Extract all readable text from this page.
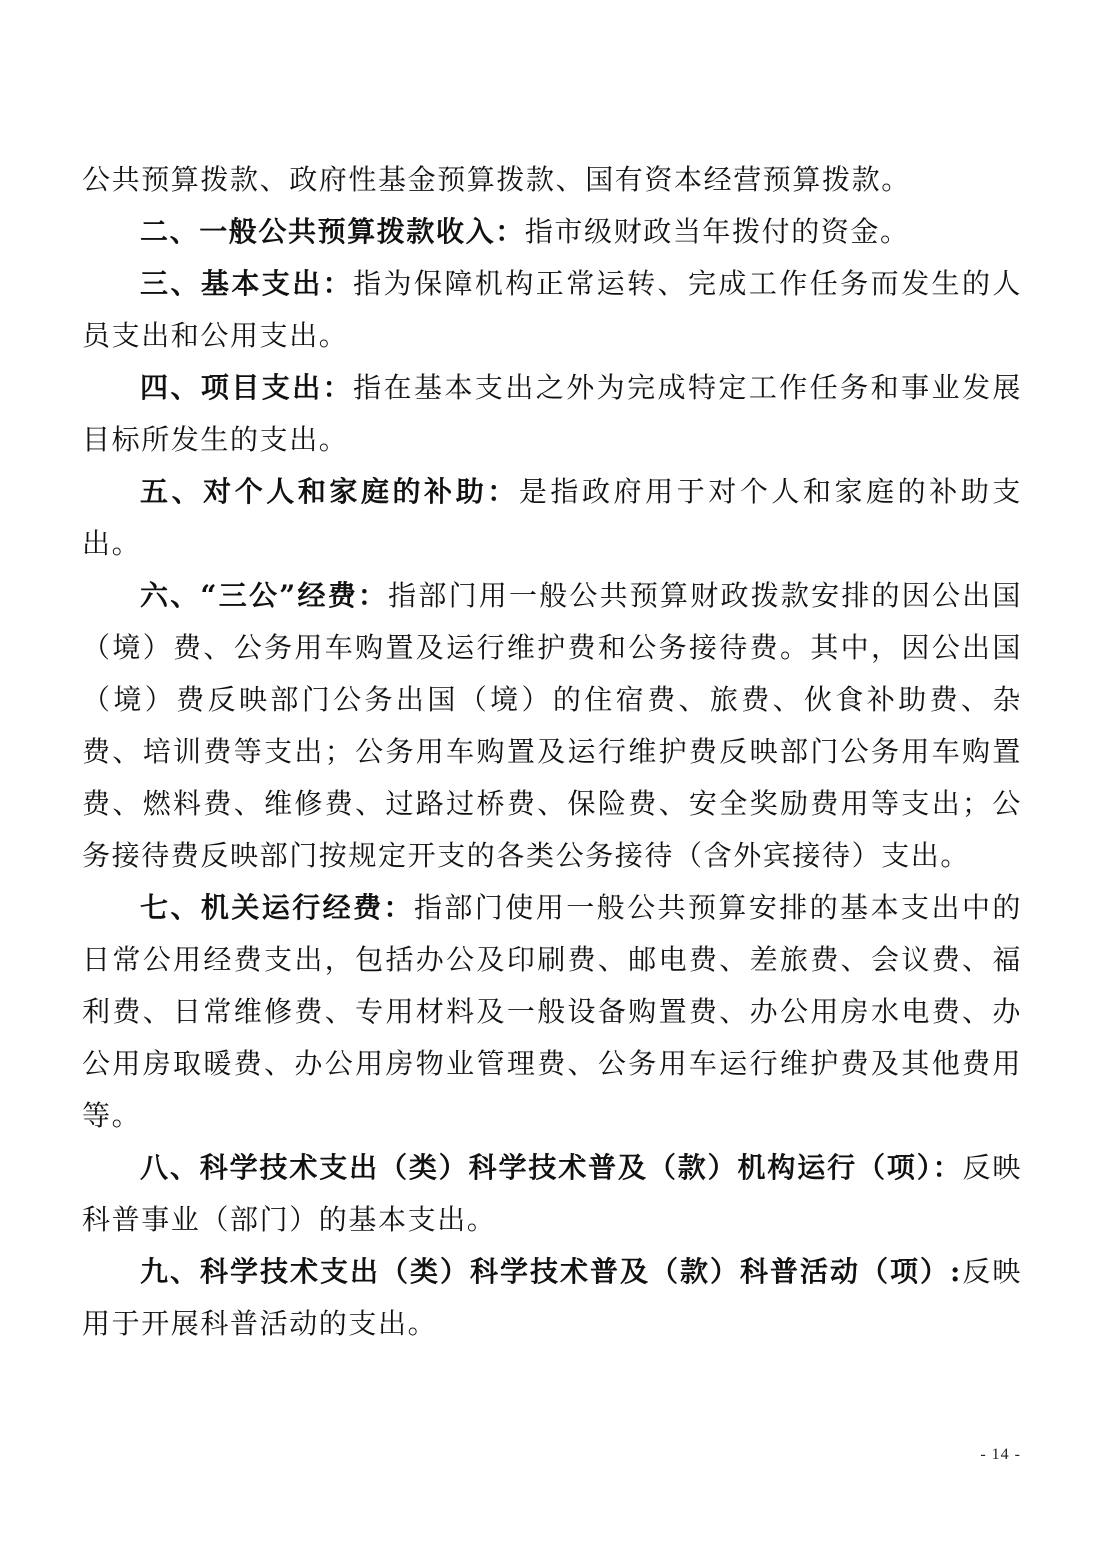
公共预算拨款、政府性基金预算拨款、国有资本经营预算拨款。

二、一般公共预算拨款收入：指市级财政当年拨付的资金。

三、基本支出：指为保障机构正常运转、完成工作任务而发生的人员支出和公用支出。

四、项目支出：指在基本支出之外为完成特定工作任务和事业发展目标所发生的支出。

五、对个人和家庭的补助：是指政府用于对个人和家庭的补助支出。

六、“三公”经费：指部门用一般公共预算财政拨款安排的因公出国（境）费、公务用车购置及运行维护费和公务接待费。其中，因公出国（境）费反映部门公务出国（境）的住宿费、旅费、伙食补助费、杂费、培训费等支出；公务用车购置及运行维护费反映部门公务用车购置费、燃料费、维修费、过路过桥费、保险费、安全奖励费用等支出；公务接待费反映部门按规定开支的各类公务接待（含外宾接待）支出。

七、机关运行经费：指部门使用一般公共预算安排的基本支出中的日常公用经费支出，包括办公及印刷费、邮电费、差旅费、会议费、福利费、日常维修费、专用材料及一般设备购置费、办公用房水电费、办公用房取暖费、办公用房物业管理费、公务用车运行维护费及其他费用等。

八、科学技术支出（类）科学技术普及（款）机构运行（项）：反映科普事业（部门）的基本支出。

九、科学技术支出（类）科学技术普及（款）科普活动（项）:反映用于开展科普活动的支出。

- 14 -
